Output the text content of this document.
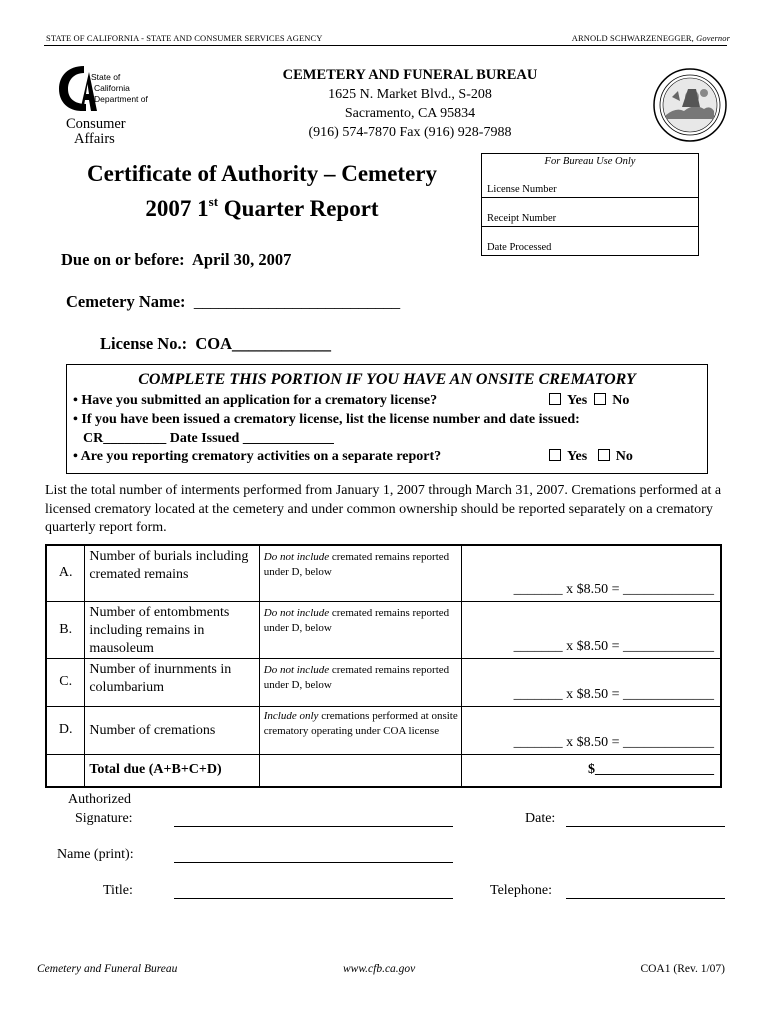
STATE OF CALIFORNIA - STATE AND CONSUMER SERVICES AGENCY	ARNOLD SCHWARZENEGGER, Governor
State of
California
Department of
Consumer
Affairs
CEMETERY AND FUNERAL BUREAU
1625 N. Market Blvd., S-208
Sacramento, CA 95834
(916) 574-7870 Fax (916) 928-7988
Certificate of Authority – Cemetery
2007 1st Quarter Report
For Bureau Use Only
License Number
Receipt Number
Date Processed
Due on or before: April 30, 2007
Cemetery Name: _________________________
License No.: COA____________
COMPLETE THIS PORTION IF YOU HAVE AN ONSITE CREMATORY
• Have you submitted an application for a crematory license?	Yes No
• If you have been issued a crematory license, list the license number and date issued:
CR_________ Date Issued _____________
• Are you reporting crematory activities on a separate report?	Yes No
List the total number of interments performed from January 1, 2007 through March 31, 2007. Cremations performed at a licensed crematory located at the cemetery and under common ownership should be reported separately on a crematory quarterly report form.
A.	Number of burials including cremated remains	Do not include cremated remains reported under D, below	_______ x $8.50 = _____________
B.	Number of entombments including remains in mausoleum	Do not include cremated remains reported under D, below	_______ x $8.50 = _____________
C.	Number of inurnments in columbarium	Do not include cremated remains reported under D, below	_______ x $8.50 = _____________
D.	Number of cremations	Include only cremations performed at onsite crematory operating under COA license	_______ x $8.50 = _____________
	Total due (A+B+C+D)		$_________________
Authorized
Signature:	Date:
Name (print):
Title:	Telephone:
Cemetery and Funeral Bureau	www.cfb.ca.gov	COA1 (Rev. 1/07)
